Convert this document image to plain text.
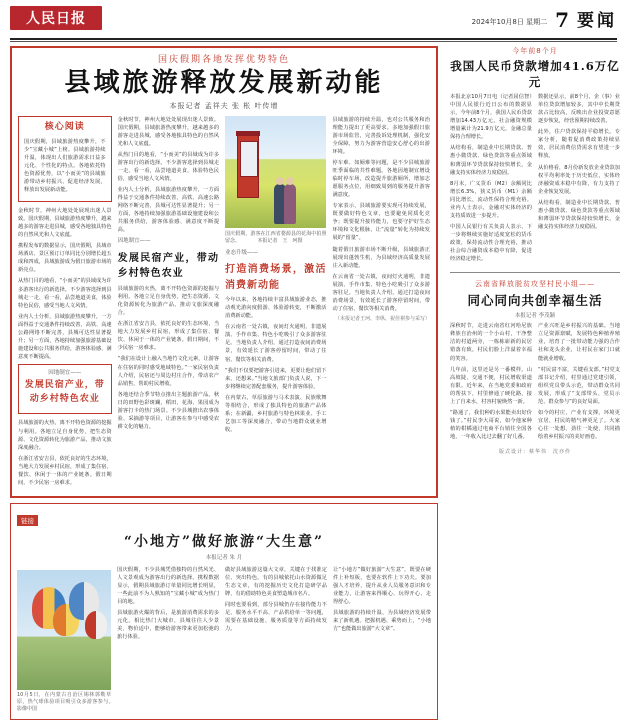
人民日报	2024年10月8日 星期二 7 要闻
国庆假期各地发挥优势特色
县域旅游释放发展新动能
本报记者 孟祥夫 张 枨 叶传增
核心阅读

国庆假期，县域旅游热度攀升，不少“宝藏小城”上榜。县域旅游持续升温，体现出人们旅游需求日益多元化、个性化的特点。各地依托特色资源优势，以“小而美”的县域旅游带动乡村振兴、促进经济发展，释放出发展新动能。

金秋时节，神州大地处处展现出迷人景致。国庆假期，县域旅游热度攀升，越来越多的游客走进县城，感受各地独具特色的自然风光和人文底蕴。

携程发布的数据显示，国庆假期，县域市场酒店、景区预订订单同比分别增长超五成和四成，县域旅游成为假日旅游市场的新亮点。

从热门目的地看，“小而美”的县域成为许多游客出行的新选择。不少游客选择到县城走一走、看一看，品尝地道美食，体验特色民俗，感受当地人文风情。

业内人士分析，县域旅游热度攀升，一方面得益于交通条件持续改善，高铁、高速公路网络不断完善，县城可达性显著提升；另一方面，各地持续加强旅游基础设施建设和公共服务供给，游客体验感、满意度不断提高。

因地制宜——
发展民宿产业，带动乡村特色农业

县域旅游的火热，离不开特色资源的挖掘与利用。各地立足自身优势，把生态资源、文化资源转化为旅游产品，推动文旅深度融合。

在浙江省安吉县，依托良好的生态环境，当地大力发展乡村民宿，形成了集住宿、餐饮、休闲于一体的产业链条。假日期间，不少民宿一房难求。

金秋时节，神州大地处处展现出迷人景致。国庆假期，县域旅游热度攀升，越来越多的游客走进县城，感受各地独具特色的自然风光和人文底蕴。

从热门目的地看，“小而美”的县域成为许多游客出行的新选择。不少游客选择到县城走一走、看一看，品尝地道美食，体验特色民俗，感受当地人文风情。

业内人士分析，县域旅游热度攀升，一方面得益于交通条件持续改善，高铁、高速公路网络不断完善，县城可达性显著提升；另一方面，各地持续加强旅游基础设施建设和公共服务供给，游客体验感、满意度不断提高。

因地制宜——
发展民宿产业，带动乡村特色农业

县域旅游的火热，离不开特色资源的挖掘与利用。各地立足自身优势，把生态资源、文化资源转化为旅游产品，推动文旅深度融合。

在浙江省安吉县，依托良好的生态环境，当地大力发展乡村民宿，形成了集住宿、餐饮、休闲于一体的产业链条。假日期间，不少民宿一房难求。

“我们在设计上融入当地竹文化元素，让游客在住宿的同时感受地域特色。”一家民宿负责人介绍，民宿还与周边村庄合作，带动农产品销售，帮助村民增收。

各地还结合季节特点推出主题旅游产品。秋日的田野色彩斑斓，稻田、花海、果园成为游客打卡的热门场景。不少县城推出农事体验、采摘游等项目，让游客在参与中感受农耕文化的魅力。

国庆假期，游客在江西省婺源县的花海中拍照留念。　　　　本报记者　王　珂摄
业态升级——
打造消费场景，激活消费新动能

今年以来，各地持续丰富县域旅游业态，推动观光游向度假游、体验游转变，不断激活消费新动能。

在云南省一处古镇，夜间灯火通明，非遗展演、手作市集、特色小吃吸引了众多游客驻足。当地负责人介绍，通过打造夜间消费场景，有效延长了游客停留时间，带动了住宿、餐饮等相关消费。

“我们不仅要把游客引进来，更要让他们留下来、还想来。”当地文旅部门负责人说，下一步将继续完善配套服务，提升游客体验。

在内蒙古，草原旅游与马术表演、民族歌舞等相结合，形成了独具特色的旅游产品体系；在新疆，乡村旅游与特色林果业、手工艺加工等深度融合，带动当地群众就业增收。

县域旅游的持续升温，也对公共服务和治理能力提出了更高要求。多地加强假日旅游市场监管，完善投诉处理机制，强化安全保障，努力为游客营造安心舒心的出游环境。

停车难、如厕难等问题，是不少县城旅游旺季面临的共性难题。各地因地制宜增设临时停车场，改造提升旅游厕所，增加志愿服务点位，用细致周到的服务提升游客满意度。

专家表示，县域旅游要实现可持续发展，既要做好特色文章，也要避免同质化竞争；既要提升接待能力，也要守护好生态环境和文化根脉，让“流量”转化为持续发展的“留量”。

随着假日旅游市场不断升级，县域旅游正展现出蓬勃生机，为县域经济高质量发展注入新动能。

在云南省一处古镇，夜间灯火通明，非遗展演、手作市集、特色小吃吸引了众多游客驻足。当地负责人介绍，通过打造夜间消费场景，有效延长了游客停留时间，带动了住宿、餐饮等相关消费。

（本报记者王珂、李纵、祝佳祺参与采写）
链接
“小地方”做好旅游“大生意”
本报记者 朱 月
10月5日，在内蒙古自治区锡林郭勒草原，热气球体验项目吸引众多游客参与。　　　　影像中国

国庆假期，不少县城凭借独特的自然风光、人文景观成为游客出行的新选择。携程数据显示，假期县域旅游订单量同比增长明显，一些此前不为人熟知的“宝藏小城”成为热门目的地。

县域旅游火爆的背后，是旅游消费需求的多元化。相比热门大城市，县城往往人少景美、物价适中，能够给游客带来更加松弛的旅行体验。

做好县域旅游这篇大文章，关键在于找准定位、突出特色。有的县城依托山水资源做足生态文章，有的挖掘历史文化打造研学品牌，有的借助特色美食塑造城市名片。

同时也要看到，部分县城仍存在接待能力不足、服务水平不高、产品供给单一等问题，需要在基础设施、服务质量等方面持续发力。

让“小地方”做好旅游“大生意”，既要在硬件上补短板，也要在软件上下功夫。要加强人才培养，提升从业人员服务意识和专业能力，让游客来得顺心、玩得开心、走得舒心。

县域旅游的持续升温，为县域经济发展带来了新机遇。把握机遇、乘势而上，“小地方”也能做出旅游“大文章”。

今年前8个月
我国人民币贷款增加41.6万亿元

本报北京10月7日电（记者屈信智）中国人民银行近日公布的数据显示，今年前8个月，我国人民币贷款增加14.43万亿元，社会融资规模增量累计为21.9万亿元，金融总量保持合理增长。

从结构看，制造业中长期贷款、普惠小微贷款、绿色贷款等重点领域和薄弱环节贷款保持较快增长，金融支持实体经济力度稳固。

8月末，广义货币（M2）余额同比增长6.3%，狭义货币（M1）余额同比增长，流动性保持合理充裕。业内人士表示，金融对实体经济的支持质效进一步提升。

中国人民银行有关负责人表示，下一步将继续实施好适度宽松的货币政策，保持流动性合理充裕，推动社会综合融资成本稳中有降，促进经济稳定增长。

数据还显示，前8个月，企（事）业单位贷款增加较多，其中中长期贷款占比较高，反映出企业投资意愿逐步恢复，经营预期持续改善。

此外，住户贷款保持平稳增长。专家分析，随着促消费政策持续显效，居民消费信贷需求有望进一步释放。

从价格看，8月份新发放企业贷款加权平均利率处于历史低位，实体经济融资成本稳中有降，有力支持了企业恢复发展。

从结构看，制造业中长期贷款、普惠小微贷款、绿色贷款等重点领域和薄弱环节贷款保持较快增长，金融支持实体经济力度稳固。

云南省释放脱贫攻坚村民小组——
同心同向共创幸福生活
本报记者 李茂颖

深秋时节，走进云南省红河哈尼族彝族自治州的一个小山村，干净整洁的村道两旁，一栋栋崭新的民居错落有致，村民们脸上洋溢着幸福的笑容。

几年前，这里还是另一番模样。山高坡陡、交通不便，村民增收渠道有限。近年来，在当地党委和政府的帮扶下，村里修通了硬化路，接上了自来水，村容村貌焕然一新。

“路通了，我们种的水果能卖出好价钱了。”村民李大哥说，如今他家种植的柑橘通过电商平台销往全国各地，一年收入比过去翻了好几番。

产业兴旺是乡村振兴的基础。当地立足资源禀赋，发展特色种植养殖业，培育了一批带动能力强的合作社和龙头企业，让村民在家门口就能就业增收。

“村民富不富，关键看支部。”村党支部书记介绍，村里通过党建引领，组织党员带头示范，带动群众共同发展，形成了“支部带头、党员示范、群众参与”的良好局面。

如今的村庄，产业有支撑，环境更宜居，村民的精气神更足了。大家心往一处想、劲往一处使，共同描绘着乡村振兴的美好画卷。

版式设计：蔡华伟　沈亦伶
